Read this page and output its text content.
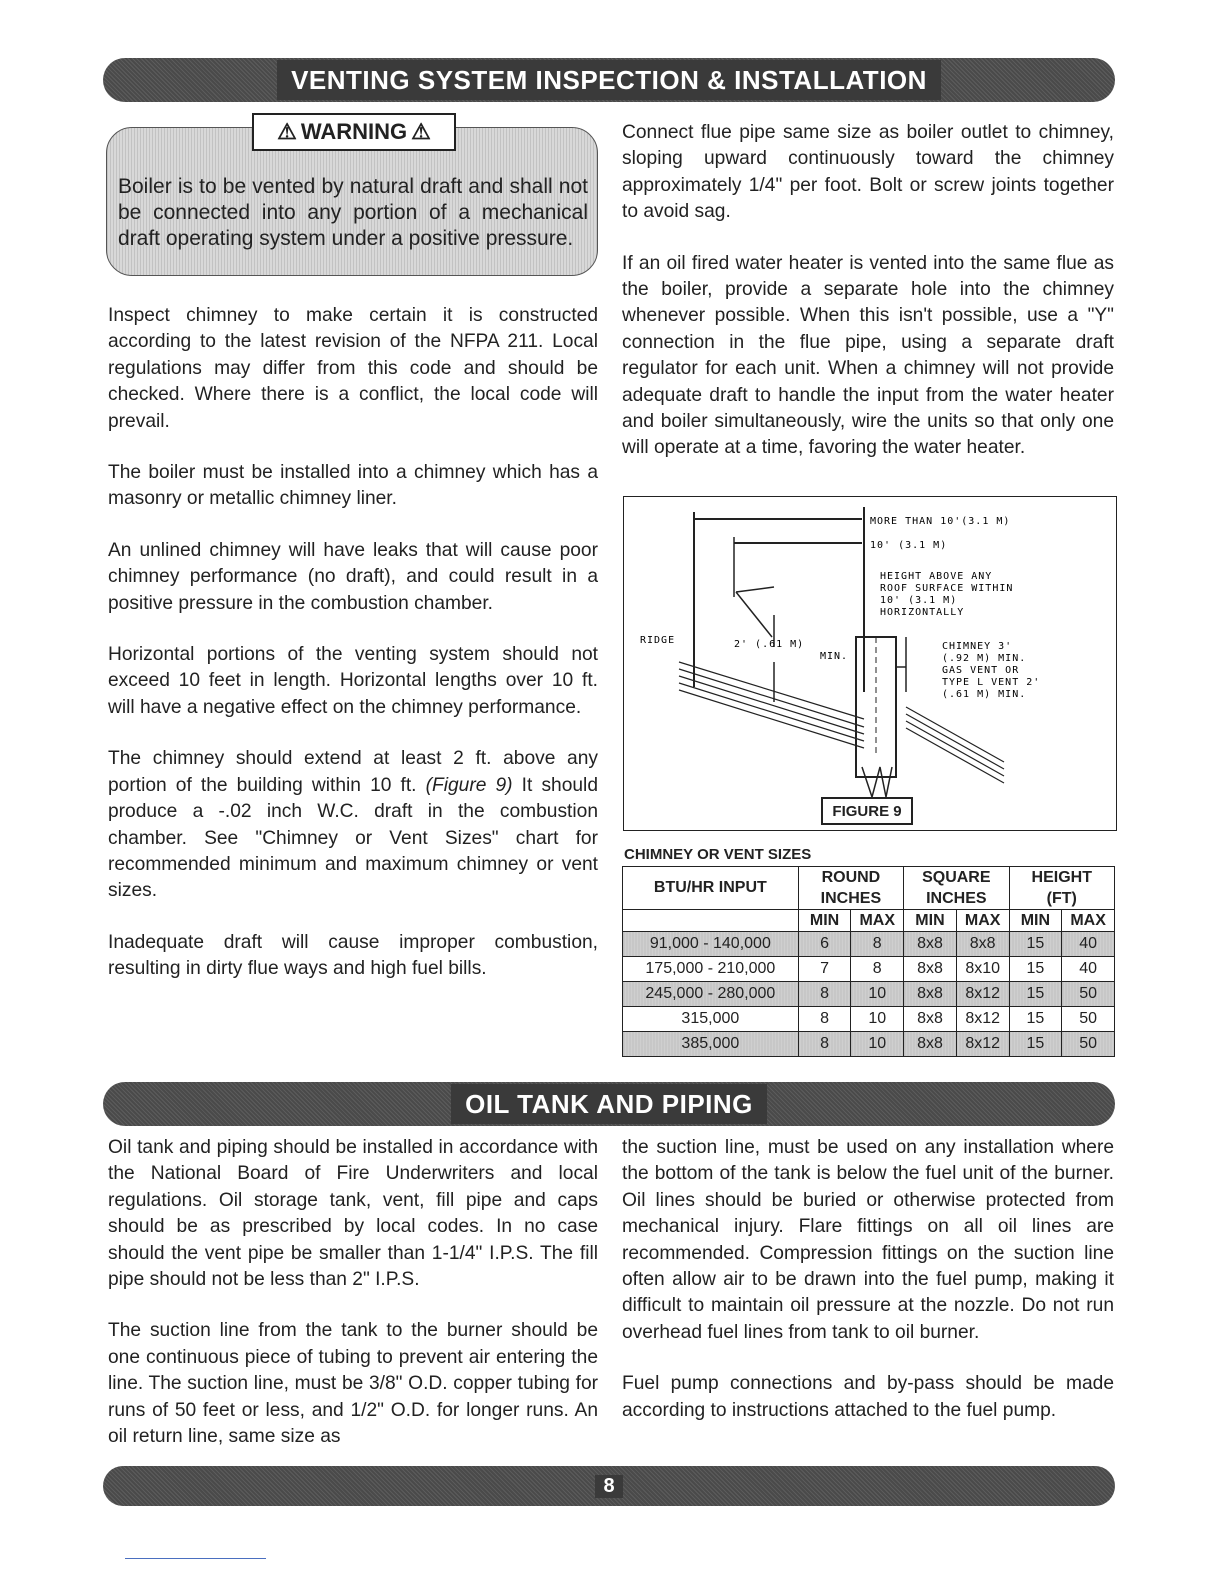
VENTING SYSTEM INSPECTION & INSTALLATION
⚠ WARNING ⚠
Boiler is to be vented by natural draft and shall not be connected into any portion of a mechanical draft operating system under a positive pressure.

Inspect chimney to make certain it is constructed according to the latest revision of the NFPA 211. Local regulations may differ from this code and should be checked. Where there is a conflict, the local code will prevail.

The boiler must be installed into a chimney which has a masonry or metallic chimney liner.

An unlined chimney will have leaks that will cause poor chimney performance (no draft), and could result in a positive pressure in the combustion chamber.

Horizontal portions of the venting system should not exceed 10 feet in length. Horizontal lengths over 10 ft. will have a negative effect on the chimney performance.

The chimney should extend at least 2 ft. above any portion of the building within 10 ft. (Figure 9) It should produce a -.02 inch W.C. draft in the combustion chamber. See "Chimney or Vent Sizes" chart for recommended minimum and maximum chimney or vent sizes.

Inadequate draft will cause improper combustion, resulting in dirty flue ways and high fuel bills.

Connect flue pipe same size as boiler outlet to chimney, sloping upward continuously toward the chimney approximately 1/4" per foot. Bolt or screw joints together to avoid sag.

If an oil fired water heater is vented into the same flue as the boiler, provide a separate hole into the chimney whenever possible. When this isn't possible, use a "Y" connection in the flue pipe, using a separate draft regulator for each unit. When a chimney will not provide adequate draft to handle the input from the water heater and boiler simultaneously, wire the units so that only one will operate at a time, favoring the water heater.

MORE THAN 10'(3.1 M)
10' (3.1 M)
HEIGHT ABOVE ANY
ROOF SURFACE WITHIN
10' (3.1 M)
HORIZONTALLY
RIDGE	2' (.61 M)
MIN.
CHIMNEY 3'
(.92 M) MIN.
GAS VENT OR
TYPE L VENT 2'
(.61 M) MIN.
FIGURE 9
CHIMNEY OR VENT SIZES
BTU/HR INPUT	ROUND		SQUARE		HEIGHT	
	INCHES		INCHES		(FT)	
	MIN	MAX	MIN	MAX	MIN	MAX
91,000 - 140,000	6	8	8x8	8x8	15	40
175,000 - 210,000	7	8	8x8	8x10	15	40
245,000 - 280,000	8	10	8x8	8x12	15	50
315,000	8	10	8x8	8x12	15	50
385,000	8	10	8x8	8x12	15	50
OIL TANK AND PIPING

Oil tank and piping should be installed in accordance with the National Board of Fire Underwriters and local regulations. Oil storage tank, vent, fill pipe and caps should be as prescribed by local codes. In no case should the vent pipe be smaller than 1-1/4" I.P.S. The fill pipe should not be less than 2" I.P.S.

The suction line from the tank to the burner should be one continuous piece of tubing to prevent air entering the line. The suction line, must be 3/8" O.D. copper tubing for runs of 50 feet or less, and 1/2" O.D. for longer runs. An oil return line, same size as

the suction line, must be used on any installation where the bottom of the tank is below the fuel unit of the burner. Oil lines should be buried or otherwise protected from mechanical injury. Flare fittings on all oil lines are recommended. Compression fittings on the suction line often allow air to be drawn into the fuel pump, making it difficult to maintain oil pressure at the nozzle. Do not run overhead fuel lines from tank to oil burner.

Fuel pump connections and by-pass should be made according to instructions attached to the fuel pump.

8
